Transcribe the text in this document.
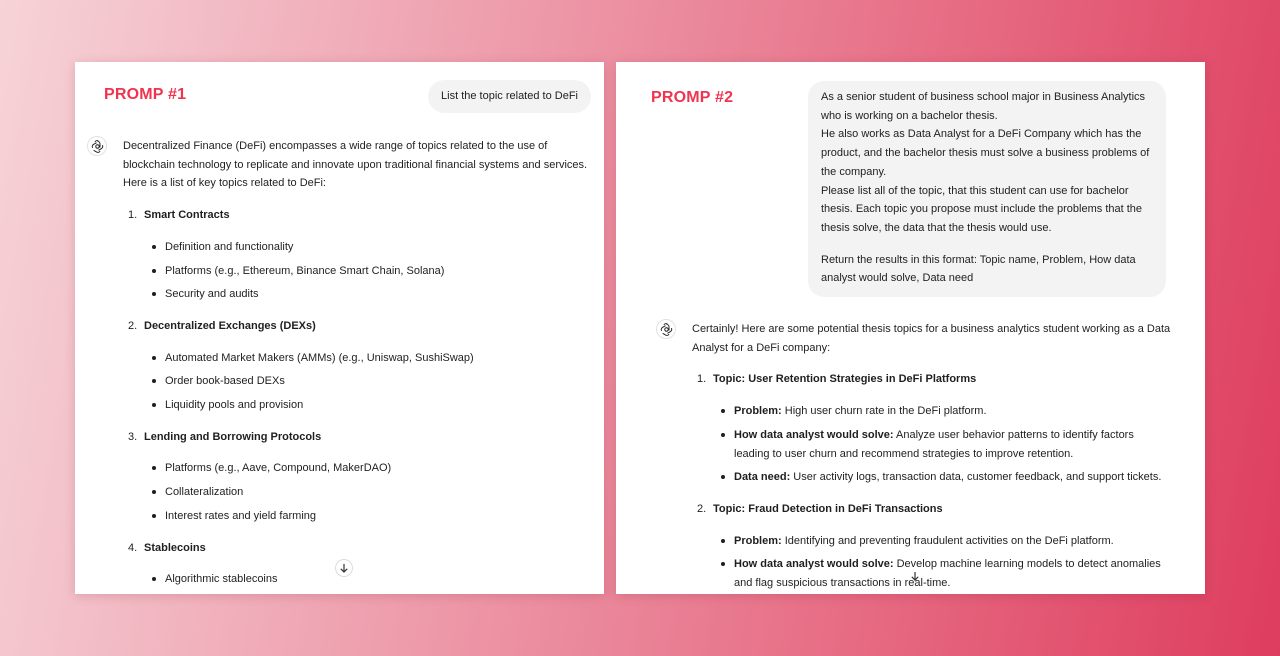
PROMP #1	List the topic related to DeFi

Decentralized Finance (DeFi) encompasses a wide range of topics related to the use of blockchain technology to replicate and innovate upon traditional financial systems and services. Here is a list of key topics related to DeFi:

1. Smart Contracts
Definition and functionality
Platforms (e.g., Ethereum, Binance Smart Chain, Solana)
Security and audits
2. Decentralized Exchanges (DEXs)
Automated Market Makers (AMMs) (e.g., Uniswap, SushiSwap)
Order book-based DEXs
Liquidity pools and provision
3. Lending and Borrowing Protocols
Platforms (e.g., Aave, Compound, MakerDAO)
Collateralization
Interest rates and yield farming
4. Stablecoins
Algorithmic stablecoins
PROMP #2	As a senior student of business school major in Business Analytics who is working on a bachelor thesis.

He also works as Data Analyst for a DeFi Company which has the product, and the bachelor thesis must solve a business problems of the company.

Please list all of the topic, that this student can use for bachelor thesis. Each topic you propose must include the problems that the thesis solve, the data that the thesis would use.

Return the results in this format: Topic name, Problem, How data analyst would solve, Data need

Certainly! Here are some potential thesis topics for a business analytics student working as a Data Analyst for a DeFi company:

1. Topic: User Retention Strategies in DeFi Platforms
Problem: High user churn rate in the DeFi platform.
How data analyst would solve: Analyze user behavior patterns to identify factors leading to user churn and recommend strategies to improve retention.
Data need: User activity logs, transaction data, customer feedback, and support tickets.
2. Topic: Fraud Detection in DeFi Transactions
Problem: Identifying and preventing fraudulent activities on the DeFi platform.
How data analyst would solve: Develop machine learning models to detect anomalies and flag suspicious transactions in real-time.
